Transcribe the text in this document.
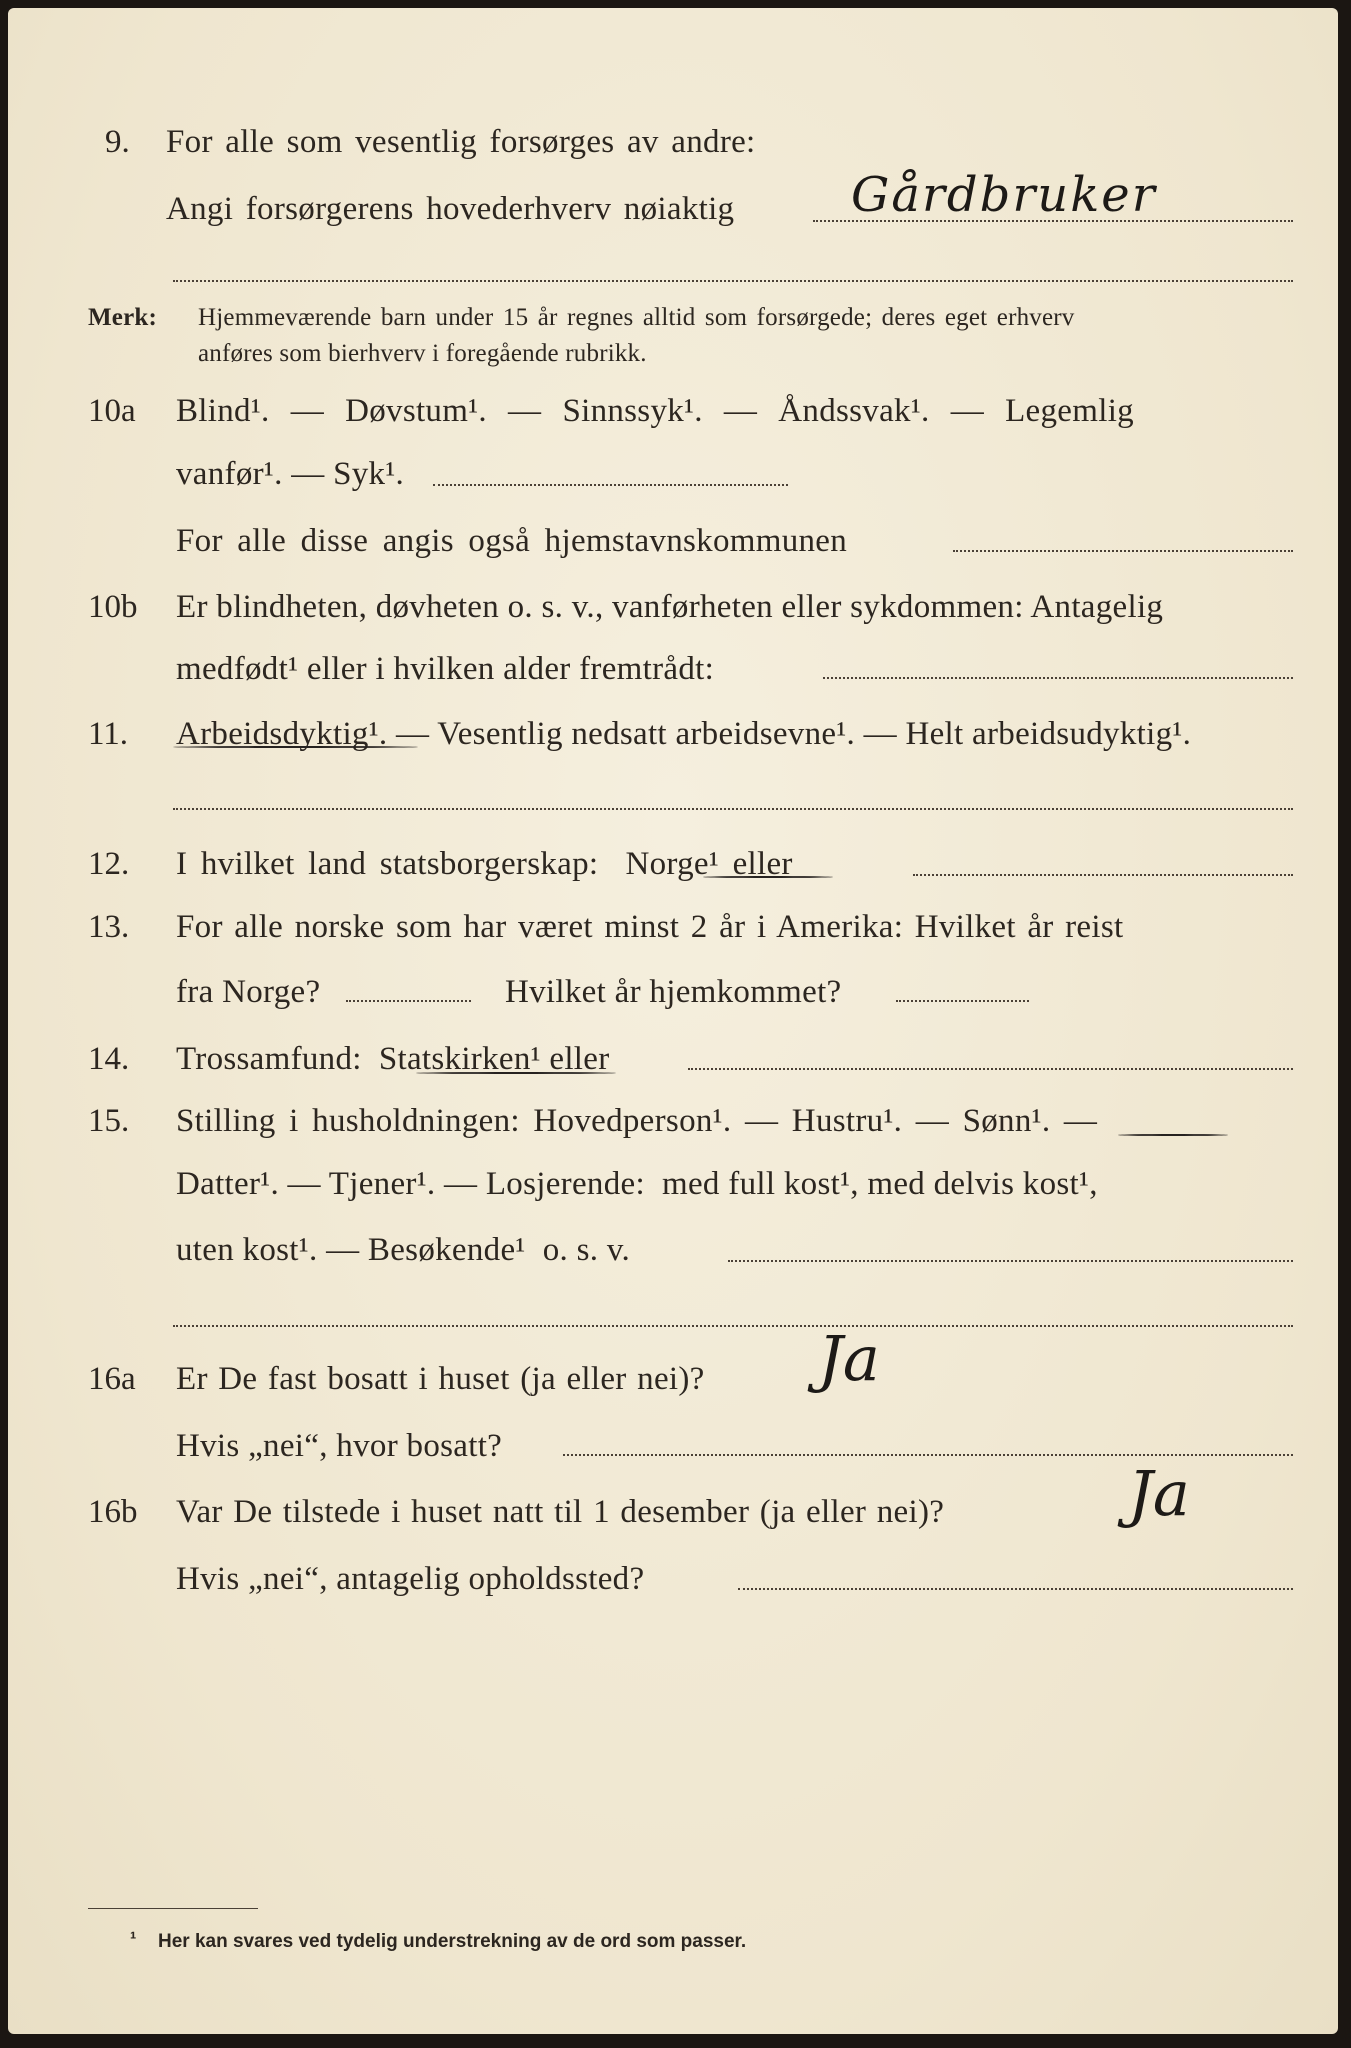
9. For alle som vesentlig forsørges av andre:
Angi forsørgerens hovederhverv nøiaktig Gårdbruker
Merk: Hjemmeværende barn under 15 år regnes alltid som forsørgede; deres eget erhverv
anføres som bierhverv i foregående rubrikk.
10a Blind¹.  —  Døvstum¹.  —  Sinnssyk¹.  —  Åndssvak¹.  —  Legemlig
vanfør¹. — Syk¹.
For alle disse angis også hjemstavnskommunen
10b Er blindheten, døvheten o. s. v., vanførheten eller sykdommen: Antagelig
medfødt¹ eller i hvilken alder fremtrådt:
11. Arbeidsdyktig¹. — Vesentlig nedsatt arbeidsevne¹. — Helt arbeidsudyktig¹.
12. I hvilket land statsborgerskap:  Norge¹ eller
13. For alle norske som har været minst 2 år i Amerika: Hvilket år reist
fra Norge?	Hvilket år hjemkommet?
14. Trossamfund:  Statskirken¹ eller
15. Stilling i husholdningen: Hovedperson¹. — Hustru¹. — Sønn¹. —
Datter¹. — Tjener¹. — Losjerende:  med full kost¹, med delvis kost¹,
uten kost¹. — Besøkende¹  o. s. v.
16a Er De fast bosatt i huset (ja eller nei)? Ja
Hvis „nei“, hvor bosatt?
16b Var De tilstede i huset natt til 1 desember (ja eller nei)?	Ja
Hvis „nei“, antagelig opholdssted?
¹ Her kan svares ved tydelig understrekning av de ord som passer.
